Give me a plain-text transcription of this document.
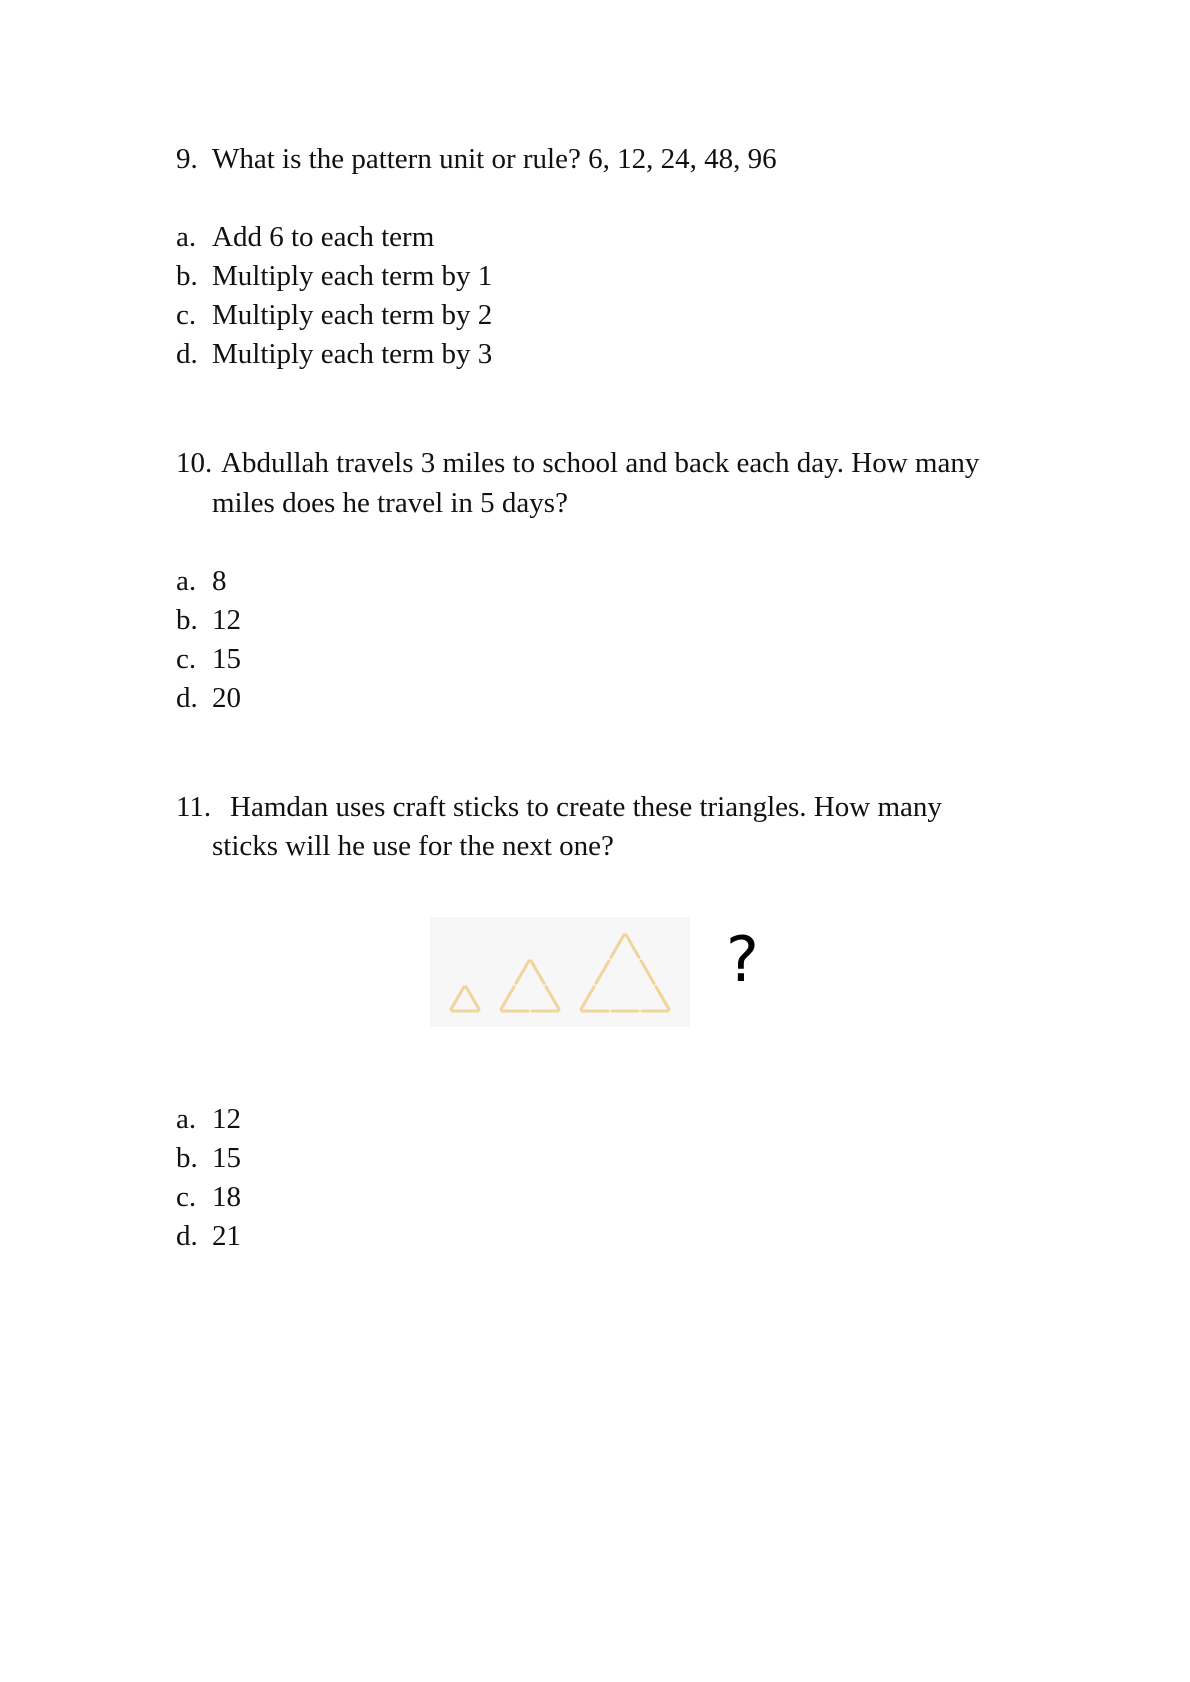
9. What is the pattern unit or rule? 6, 12, 24, 48, 96
a. Add 6 to each term
b. Multiply each term by 1
c. Multiply each term by 2
d. Multiply each term by 3
10. Abdullah travels 3 miles to school and back each day. How many
miles does he travel in 5 days?
a. 8
b. 12
c. 15
d. 20
11. Hamdan uses craft sticks to create these triangles. How many
sticks will he use for the next one?
?
a. 12
b. 15
c. 18
d. 21
